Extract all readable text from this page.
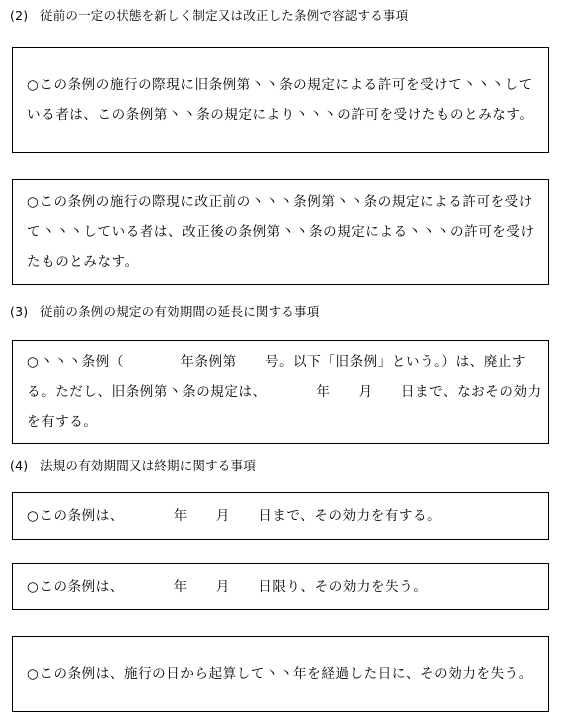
(2) 従前の一定の状態を新しく制定又は改正した条例で容認する事項

○この条例の施行の際現に旧条例第丶丶条の規定による許可を受けて丶丶丶している者は、この条例第丶丶条の規定により丶丶丶の許可を受けたものとみなす。

○この条例の施行の際現に改正前の丶丶丶条例第丶丶条の規定による許可を受けて丶丶丶している者は、改正後の条例第丶丶条の規定による丶丶丶の許可を受けたものとみなす。

(3) 従前の条例の規定の有効期間の延長に関する事項

○丶丶丶条例（　　　　年条例第　　号。以下「旧条例」という。）は、廃止する。ただし、旧条例第丶条の規定は、　　　　年　　月　　日まで、なおその効力を有する。

(4) 法規の有効期間又は終期に関する事項

○この条例は、　　　　年　　月　　日まで、その効力を有する。

○この条例は、　　　　年　　月　　日限り、その効力を失う。

○この条例は、施行の日から起算して丶丶年を経過した日に、その効力を失う。
